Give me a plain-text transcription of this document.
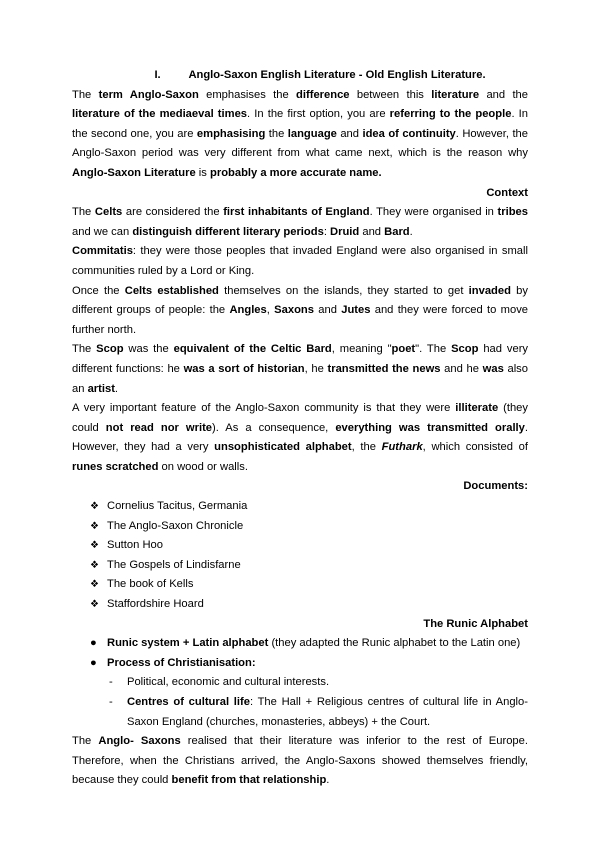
I. Anglo-Saxon English Literature - Old English Literature.

The term Anglo-Saxon emphasises the difference between this literature and the literature of the mediaeval times. In the first option, you are referring to the people. In the second one, you are emphasising the language and idea of continuity. However, the Anglo-Saxon period was very different from what came next, which is the reason why Anglo-Saxon Literature is probably a more accurate name.

Context

The Celts are considered the first inhabitants of England. They were organised in tribes and we can distinguish different literary periods: Druid and Bard.

Commitatis: they were those peoples that invaded England were also organised in small communities ruled by a Lord or King.

Once the Celts established themselves on the islands, they started to get invaded by different groups of people: the Angles, Saxons and Jutes and they were forced to move further north.

The Scop was the equivalent of the Celtic Bard, meaning "poet". The Scop had very different functions: he was a sort of historian, he transmitted the news and he was also an artist.

A very important feature of the Anglo-Saxon community is that they were illiterate (they could not read nor write). As a consequence, everything was transmitted orally. However, they had a very unsophisticated alphabet, the Futhark, which consisted of runes scratched on wood or walls.

Documents:

❖ Cornelius Tacitus, Germania
❖ The Anglo-Saxon Chronicle
❖ Sutton Hoo
❖ The Gospels of Lindisfarne
❖ The book of Kells
❖ Staffordshire Hoard

The Runic Alphabet

● Runic system + Latin alphabet (they adapted the Runic alphabet to the Latin one)
● Process of Christianisation:
- Political, economic and cultural interests.
- Centres of cultural life: The Hall + Religious centres of cultural life in Anglo-Saxon England (churches, monasteries, abbeys) + the Court.

The Anglo- Saxons realised that their literature was inferior to the rest of Europe. Therefore, when the Christians arrived, the Anglo-Saxons showed themselves friendly, because they could benefit from that relationship.
